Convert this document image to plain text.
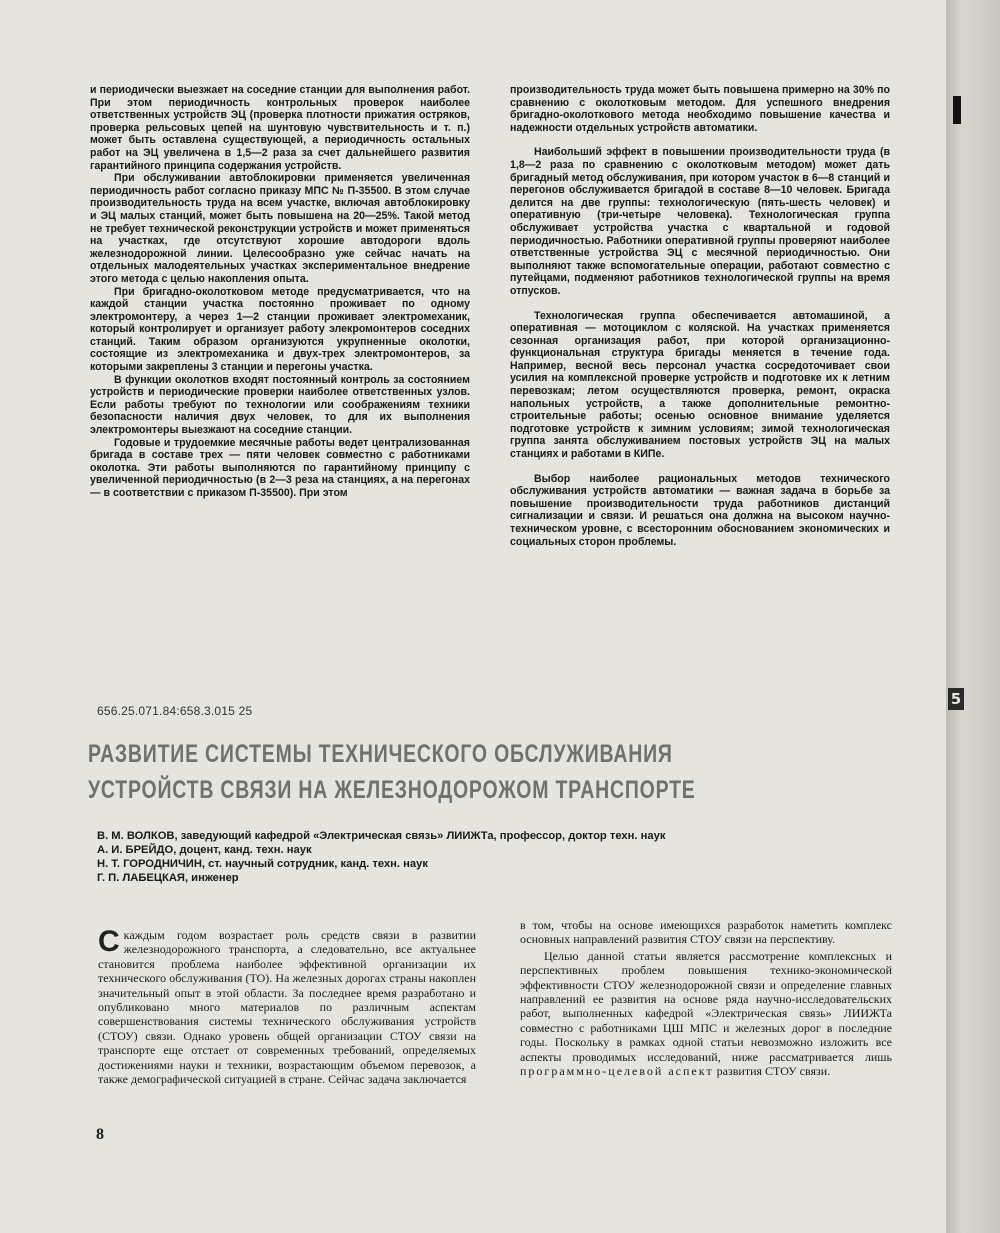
5

и периодически выезжает на соседние станции для выполнения работ. При этом периодичность контрольных проверок наиболее ответственных устройств ЭЦ (проверка плотности прижатия остряков, проверка рельсовых цепей на шунтовую чувствительность и т. п.) может быть оставлена существующей, а периодичность остальных работ на ЭЦ увеличена в 1,5—2 раза за счет дальнейшего развития гарантийного принципа содержания устройств.

При обслуживании автоблокировки применяется увеличенная периодичность работ согласно приказу МПС № П-35500. В этом случае производительность труда на всем участке, включая автоблокировку и ЭЦ малых станций, может быть повышена на 20—25%. Такой метод не требует технической реконструкции устройств и может применяться на участках, где отсутствуют хорошие автодороги вдоль железнодорожной линии. Целесообразно уже сейчас начать на отдельных малодеятельных участках экспериментальное внедрение этого метода с целью накопления опыта.

При бригадно-околотковом методе предусматривается, что на каждой станции участка постоянно проживает по одному электромонтеру, а через 1—2 станции проживает электромеханик, который контролирует и организует работу элекромонтеров соседних станций. Таким образом организуются укрупненные околотки, состоящие из электромеханика и двух-трех электромонтеров, за которыми закреплены 3 станции и перегоны участка.

В функции околотков входят постоянный контроль за состоянием устройств и периодические проверки наиболее ответственных узлов. Если работы требуют по технологии или соображениям техники безопасности наличия двух человек, то для их выполнения электромонтеры выезжают на соседние станции.

Годовые и трудоемкие месячные работы ведет централизованная бригада в составе трех — пяти человек совместно с работниками околотка. Эти работы выполняются по гарантийному принципу с увеличенной периодичностью (в 2—3 реза на станциях, а на перегонах — в соответствии с приказом П-35500). При этом

производительность труда может быть повышена примерно на 30% по сравнению с околотковым методом. Для успешного внедрения бригадно-околоткового метода необходимо повышение качества и надежности отдельных устройств автоматики.

Наибольший эффект в повышении производительности труда (в 1,8—2 раза по сравнению с околотковым методом) может дать бригадный метод обслуживания, при котором участок в 6—8 станций и перегонов обслуживается бригадой в составе 8—10 человек. Бригада делится на две группы: технологическую (пять-шесть человек) и оперативную (три-четыре человека). Технологическая группа обслуживает устройства участка с квартальной и годовой периодичностью. Работники оперативной группы проверяют наиболее ответственные устройства ЭЦ с месячной периодичностью. Они выполняют также вспомогательные операции, работают совместно с путейцами, подменяют работников технологической группы на время отпусков.

Технологическая группа обеспечивается автомашиной, а оперативная — мотоциклом с коляской. На участках применяется сезонная организация работ, при которой организационно-функциональная структура бригады меняется в течение года. Например, весной весь персонал участка сосредоточивает свои усилия на комплексной проверке устройств и подготовке их к летним перевозкам; летом осуществляются проверка, ремонт, окраска напольных устройств, а также дополнительные ремонтно-строительные работы; осенью основное внимание уделяется подготовке устройств к зимним условиям; зимой технологическая группа занята обслуживанием постовых устройств ЭЦ на малых станциях и работами в КИПе.

Выбор наиболее рациональных методов технического обслуживания устройств автоматики — важная задача в борьбе за повышение производительности труда работников дистанций сигнализации и связи. И решаться она должна на высоком научно-техническом уровне, с всесторонним обоснованием экономических и социальных сторон проблемы.

656.25.071.84:658.3.015 25
РАЗВИТИЕ СИСТЕМЫ ТЕХНИЧЕСКОГО ОБСЛУЖИВАНИЯ
УСТРОЙСТВ СВЯЗИ НА ЖЕЛЕЗНОДОРОЖОМ ТРАНСПОРТЕ
В. М. ВОЛКОВ, заведующий кафедрой «Электрическая связь» ЛИИЖТа, профессор, доктор техн. наук
А. И. БРЕЙДО, доцент, канд. техн. наук
Н. Т. ГОРОДНИЧИН, ст. научный сотрудник, канд. техн. наук
Г. П. ЛАБЕЦКАЯ, инженер
Скаждым годом возрастает роль средств связи в развитии железнодорожного транспорта, а следовательно, все актуальнее становится проблема наиболее эффективной организации их технического обслуживания (ТО). На железных дорогах страны накоплен значительный опыт в этой области. За последнее время разработано и опубликовано много материалов по различным аспектам совершенствования системы технического обслуживания устройств (СТОУ) связи. Однако уровень общей организации СТОУ связи на транспорте еще отстает от современных требований, определяемых достижениями науки и техники, возрастающим объемом перевозок, а также демографической ситуацией в стране. Сейчас задача заключается

в том, чтобы на основе имеющихся разработок наметить комплекс основных направлений развития СТОУ связи на перспективу.

Целью данной статьи является рассмотрение комплексных и перспективных проблем повышения технико-экономической эффективности СТОУ железнодорожной связи и определение главных направлений ее развития на основе ряда научно-исследовательских работ, выполненных кафедрой «Электрическая связь» ЛИИЖТа совместно с работниками ЦШ МПС и железных дорог в последние годы. Поскольку в рамках одной статьи невозможно изложить все аспекты проводимых исследований, ниже рассматривается лишь программно-целевой аспект развития СТОУ связи.

8
